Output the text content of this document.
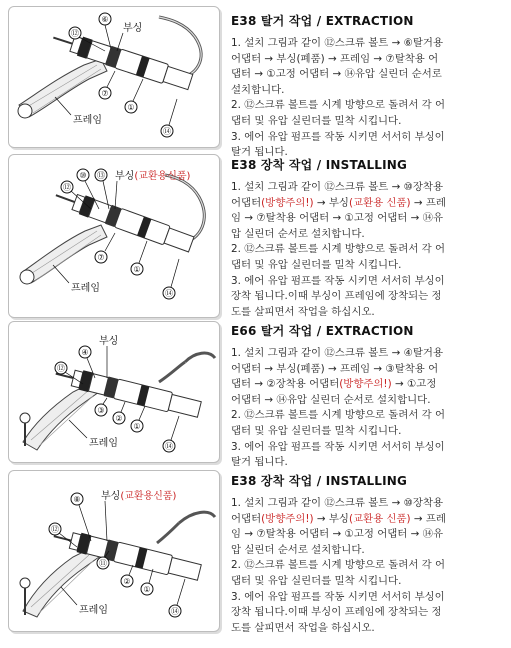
⑫
⑥
부싱
⑦
①
⑭
프레임
E38 탈거 작업 / EXTRACTION
1. 설치 그림과 같이 ⑫스크류 볼트 → ⑥탈거용
어댑터 → 부싱(폐품) → 프레임 → ⑦탈착용 어
댑터 → ①고정 어댑터 → ⑭유압 실린더 순서로
설치합니다.
2. ⑫스크류 볼트를 시계 방향으로 돌려서 각 어
댑터 및 유압 실린더를 밀착 시킵니다.
3. 에어 유압 펌프를 작동 시키면 서서히 부싱이
탈거 됩니다.
⑫
⑩ ⑬ 부싱(교환용신품)
⑦
①
⑭
프레임
E38 장착 작업 / INSTALLING
1. 설치 그림과 같이 ⑫스크류 볼트 → ⑩장착용
어댑터(방향주의!) → 부싱(교환용 신품) → 프레
임 → ⑦탈착용 어댑터 → ①고정 어댑터 → ⑭유
압 실린더 순서로 설치합니다.
2. ⑫스크류 볼트를 시계 방향으로 돌려서 각 어
댑터 및 유압 실린더를 밀착 시킵니다.
3. 에어 유압 펌프를 작동 시키면 서서히 부싱이
장착 됩니다.이때 부싱이 프레임에 장착되는 정
도를 살피면서 작업을 하십시오.
④
부싱
⑫
③
②
①
⑭
프레임
E66 탈거 작업 / EXTRACTION
1. 설치 그림과 같이 ⑫스크류 볼트 → ④탈거용
어댑터 → 부싱(폐품) → 프레임 → ③탈착용 어
댑터 → ②장착용 어댑터(방향주의!) → ①고정
어댑터 → ⑭유압 실린더 순서로 설치합니다.
2. ⑫스크류 볼트를 시계 방향으로 돌려서 각 어
댑터 및 유압 실린더를 밀착 시킵니다.
3. 에어 유압 펌프를 작동 시키면 서서히 부싱이
탈거 됩니다.
⑧ 부싱(교환용신품)
⑫
⑪
②
①
⑭
프레임
E38 장착 작업 / INSTALLING
1. 설치 그림과 같이 ⑫스크류 볼트 → ⑩장착용
어댑터(방향주의!) → 부싱(교환용 신품) → 프레
임 → ⑦탈착용 어댑터 → ①고정 어댑터 → ⑭유
압 실린더 순서로 설치합니다.
2. ⑫스크류 볼트를 시계 방향으로 돌려서 각 어
댑터 및 유압 실린더를 밀착 시킵니다.
3. 에어 유압 펌프를 작동 시키면 서서히 부싱이
장착 됩니다.이때 부싱이 프레임에 장착되는 정
도를 살피면서 작업을 하십시오.
